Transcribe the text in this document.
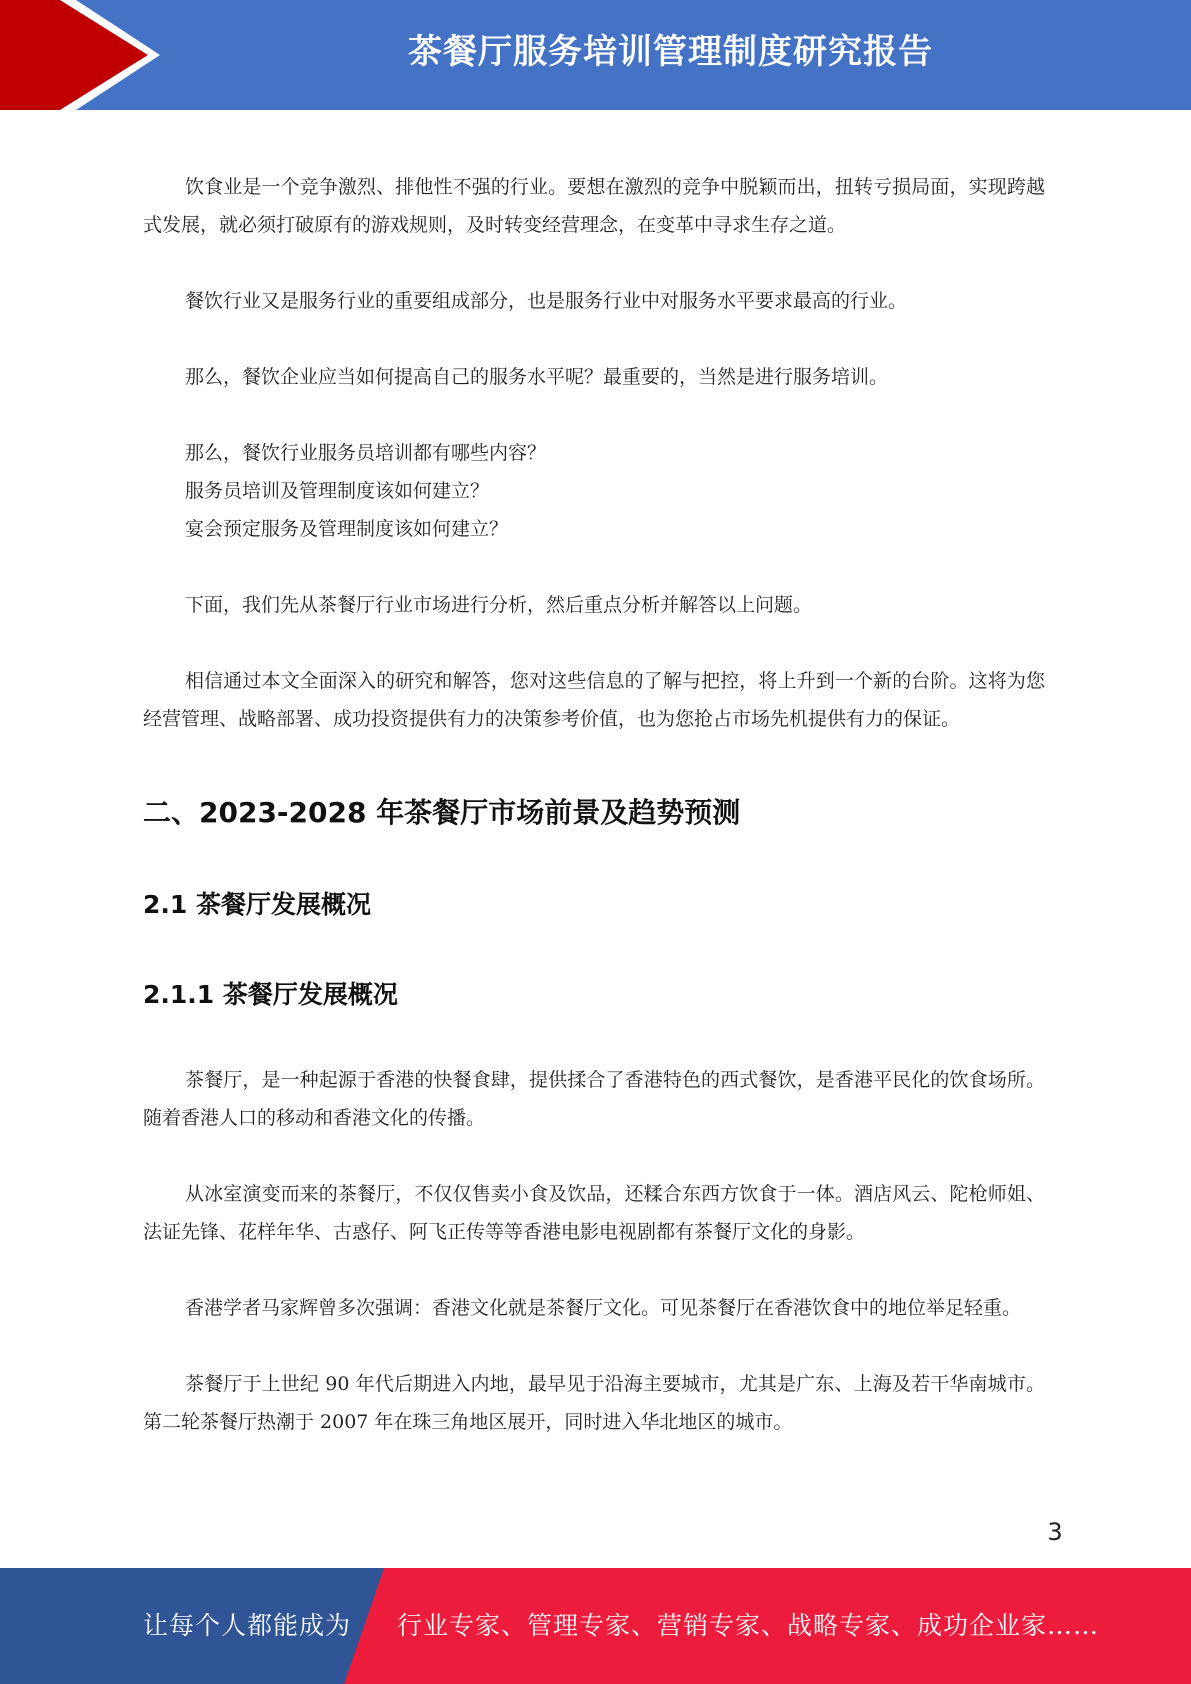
茶餐厅服务培训管理制度研究报告

饮食业是一个竞争激烈、排他性不强的行业。要想在激烈的竞争中脱颖而出，扭转亏损局面，实现跨越式发展，就必须打破原有的游戏规则，及时转变经营理念，在变革中寻求生存之道。

餐饮行业又是服务行业的重要组成部分，也是服务行业中对服务水平要求最高的行业。

那么，餐饮企业应当如何提高自己的服务水平呢？最重要的，当然是进行服务培训。

那么，餐饮行业服务员培训都有哪些内容？

服务员培训及管理制度该如何建立？

宴会预定服务及管理制度该如何建立？

下面，我们先从茶餐厅行业市场进行分析，然后重点分析并解答以上问题。

相信通过本文全面深入的研究和解答，您对这些信息的了解与把控，将上升到一个新的台阶。这将为您经营管理、战略部署、成功投资提供有力的决策参考价值，也为您抢占市场先机提供有力的保证。

二、2023-2028 年茶餐厅市场前景及趋势预测
2.1 茶餐厅发展概况
2.1.1 茶餐厅发展概况

茶餐厅，是一种起源于香港的快餐食肆，提供揉合了香港特色的西式餐饮，是香港平民化的饮食场所。随着香港人口的移动和香港文化的传播。

从冰室演变而来的茶餐厅，不仅仅售卖小食及饮品，还糅合东西方饮食于一体。酒店风云、陀枪师姐、法证先锋、花样年华、古惑仔、阿飞正传等等香港电影电视剧都有茶餐厅文化的身影。

香港学者马家辉曾多次强调：香港文化就是茶餐厅文化。可见茶餐厅在香港饮食中的地位举足轻重。

茶餐厅于上世纪 90 年代后期进入内地，最早见于沿海主要城市，尤其是广东、上海及若干华南城市。第二轮茶餐厅热潮于 2007 年在珠三角地区展开，同时进入华北地区的城市。

3
让每个人都能成为 行业专家、管理专家、营销专家、战略专家、成功企业家……
